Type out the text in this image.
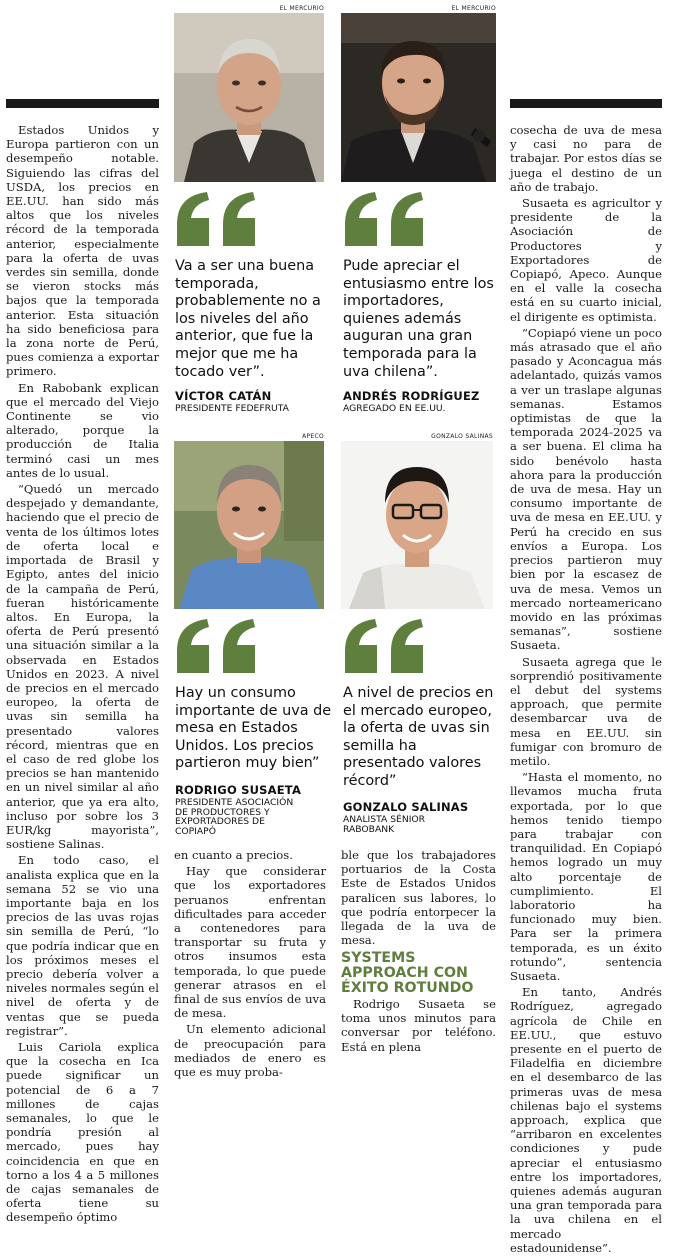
Estados Unidos y Europa partieron con un desempeño notable. Siguiendo las cifras del USDA, los precios en EE.UU. han sido más altos que los niveles récord de la temporada anterior, especialmente para la oferta de uvas verdes sin semilla, donde se vieron stocks más bajos que la temporada anterior. Esta situación ha sido beneficiosa para la zona norte de Perú, pues comienza a exportar primero.

En Rabobank explican que el mercado del Viejo Continente se vio alterado, porque la producción de Italia terminó casi un mes antes de lo usual.

“Quedó un mercado despejado y demandante, haciendo que el precio de venta de los últimos lotes de oferta local e importada de Brasil y Egipto, antes del inicio de la campaña de Perú, fueran históricamente altos. En Europa, la oferta de Perú presentó una situación similar a la observada en Estados Unidos en 2023. A nivel de precios en el mercado europeo, la oferta de uvas sin semilla ha presentado valores récord, mientras que en el caso de red globe los precios se han mantenido en un nivel similar al año anterior, que ya era alto, incluso por sobre los 3 EUR/kg mayorista”, sostiene Salinas.

En todo caso, el analista explica que en la semana 52 se vio una importante baja en los precios de las uvas rojas sin semilla de Perú, “lo que podría indicar que en los próximos meses el precio debería volver a niveles normales según el nivel de oferta y de ventas que se pueda registrar”.

Luis Cariola explica que la cosecha en Ica puede significar un potencial de 6 a 7 millones de cajas semanales, lo que le pondría presión al mercado, pues hay coincidencia en que en torno a los 4 a 5 millones de cajas semanales de oferta tiene su desempeño óptimo

EL MERCURIO	EL MERCURIO
Va a ser una buena temporada, probablemente no a los niveles del año anterior, que fue la mejor que me ha tocado ver”.
VÍCTOR CATÁN
PRESIDENTE FEDEFRUTA
Pude apreciar el entusiasmo entre los importadores, quienes además auguran una gran temporada para la uva chilena”.
ANDRÉS RODRÍGUEZ
AGREGADO EN EE.UU.
APECO	GONZALO SALINAS
Hay un consumo importante de uva de mesa en Estados Unidos. Los precios partieron muy bien”
RODRIGO SUSAETA
PRESIDENTE ASOCIACIÓN DE PRODUCTORES Y EXPORTADORES DE COPIAPÓ
A nivel de precios en el mercado europeo, la oferta de uvas sin semilla ha presentado valores récord”
GONZALO SALINAS
ANALISTA SÉNIOR RABOBANK

en cuanto a precios.

Hay que considerar que los exportadores peruanos enfrentan dificultades para acceder a contenedores para transportar su fruta y otros insumos esta temporada, lo que puede generar atrasos en el final de sus envíos de uva de mesa.

Un elemento adicional de preocupación para mediados de enero es que es muy proba-

ble que los trabajadores portuarios de la Costa Este de Estados Unidos paralicen sus labores, lo que podría entorpecer la llegada de la uva de mesa.

SYSTEMS APPROACH CON ÉXITO ROTUNDO

Rodrigo Susaeta se toma unos minutos para conversar por teléfono. Está en plena

cosecha de uva de mesa y casi no para de trabajar. Por estos días se juega el destino de un año de trabajo.

Susaeta es agricultor y presidente de la Asociación de Productores y Exportadores de Copiapó, Apeco. Aunque en el valle la cosecha está en su cuarto inicial, el dirigente es optimista.

“Copiapó viene un poco más atrasado que el año pasado y Aconcagua más adelantado, quizás vamos a ver un traslape algunas semanas. Estamos optimistas de que la temporada 2024-2025 va a ser buena. El clima ha sido benévolo hasta ahora para la producción de uva de mesa. Hay un consumo importante de uva de mesa en EE.UU. y Perú ha crecido en sus envíos a Europa. Los precios partieron muy bien por la escasez de uva de mesa. Vemos un mercado norteamericano movido en las próximas semanas”, sostiene Susaeta.

Susaeta agrega que le sorprendió positivamente el debut del systems approach, que permite desembarcar uva de mesa en EE.UU. sin fumigar con bromuro de metilo.

“Hasta el momento, no llevamos mucha fruta exportada, por lo que hemos tenido tiempo para trabajar con tranquilidad. En Copiapó hemos logrado un muy alto porcentaje de cumplimiento. El laboratorio ha funcionado muy bien. Para ser la primera temporada, es un éxito rotundo”, sentencia Susaeta.

En tanto, Andrés Rodríguez, agregado agrícola de Chile en EE.UU., que estuvo presente en el puerto de Filadelfia en diciembre en el desembarco de las primeras uvas de mesa chilenas bajo el systems approach, explica que “arribaron en excelentes condiciones y pude apreciar el entusiasmo entre los importadores, quienes además auguran una gran temporada para la uva chilena en el mercado estadounidense”.
